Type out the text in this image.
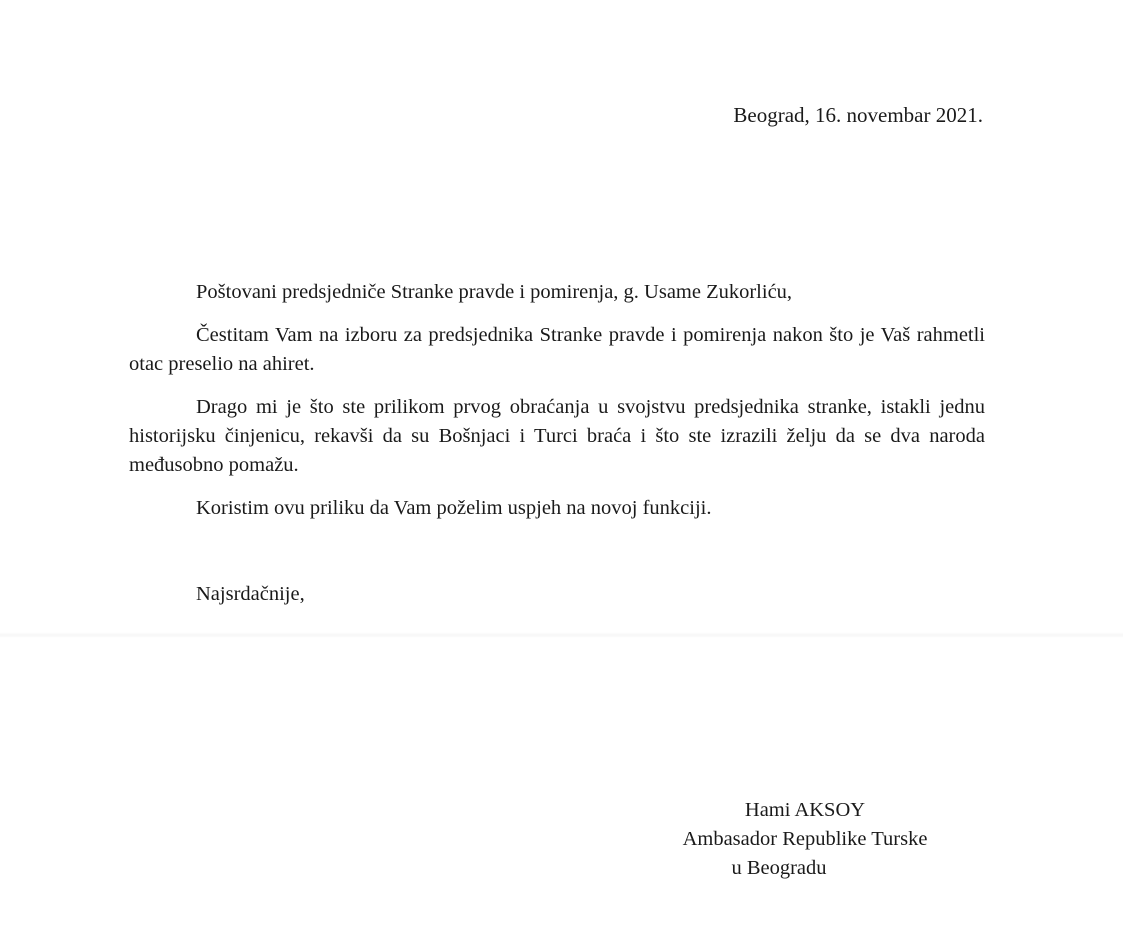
Beograd, 16. novembar 2021.

Poštovani predsjedniče Stranke pravde i pomirenja, g. Usame Zukorliću,

Čestitam Vam na izboru za predsjednika Stranke pravde i pomirenja nakon što je Vaš rahmetli otac preselio na ahiret.

Drago mi je što ste prilikom prvog obraćanja u svojstvu predsjednika stranke, istakli jednu historijsku činjenicu, rekavši da su Bošnjaci i Turci braća i što ste izrazili želju da se dva naroda međusobno pomažu.

Koristim ovu priliku da Vam poželim uspjeh na novoj funkciji.

Najsrdačnije,
Hami AKSOY
Ambasador Republike Turske
u Beogradu
